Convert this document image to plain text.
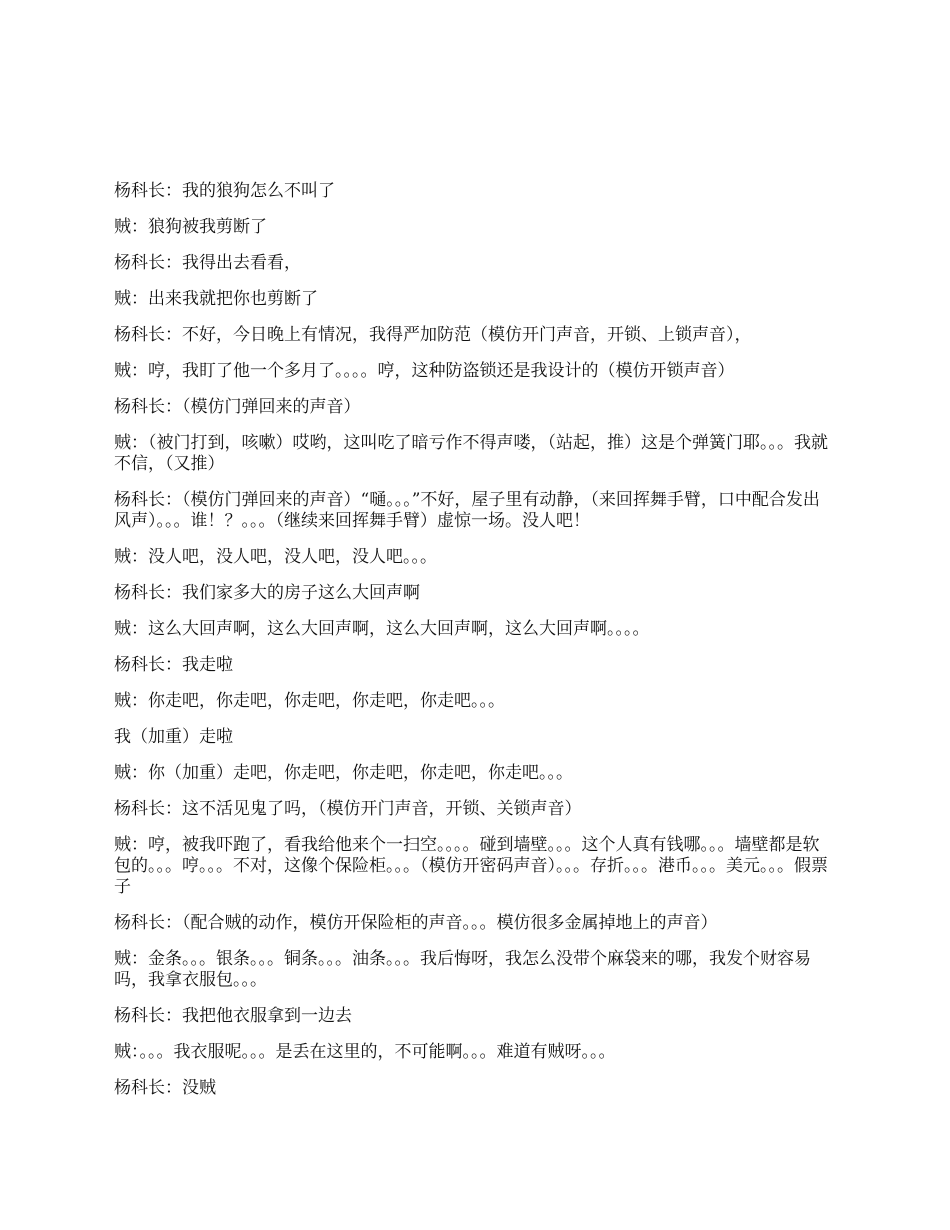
杨科长：我的狼狗怎么不叫了

贼：狼狗被我剪断了

杨科长：我得出去看看，

贼：出来我就把你也剪断了

杨科长：不好，今日晚上有情况，我得严加防范（模仿开门声音，开锁、上锁声音），

贼：哼，我盯了他一个多月了。。。。哼，这种防盗锁还是我设计的（模仿开锁声音）

杨科长：（模仿门弹回来的声音）

贼：（被门打到，咳嗽）哎哟，这叫吃了暗亏作不得声喽，（站起，推）这是个弹簧门耶。。。我就不信，（又推）

杨科长：（模仿门弹回来的声音）“嗵。。。”不好，屋子里有动静，（来回挥舞手臂，口中配合发出风声）。。。谁！？。。。（继续来回挥舞手臂）虚惊一场。没人吧！

贼：没人吧，没人吧，没人吧，没人吧。。。

杨科长：我们家多大的房子这么大回声啊

贼：这么大回声啊，这么大回声啊，这么大回声啊，这么大回声啊。。。。

杨科长：我走啦

贼：你走吧，你走吧，你走吧，你走吧，你走吧。。。

我（加重）走啦

贼：你（加重）走吧，你走吧，你走吧，你走吧，你走吧。。。

杨科长：这不活见鬼了吗，（模仿开门声音，开锁、关锁声音）

贼：哼，被我吓跑了，看我给他来个一扫空。。。。碰到墙壁。。。这个人真有钱哪。。。墙壁都是软包的。。。哼。。。不对，这像个保险柜。。。（模仿开密码声音）。。。存折。。。港币。。。美元。。。假票子

杨科长：（配合贼的动作，模仿开保险柜的声音。。。模仿很多金属掉地上的声音）

贼：金条。。。银条。。。铜条。。。油条。。。我后悔呀，我怎么没带个麻袋来的哪，我发个财容易吗，我拿衣服包。。。

杨科长：我把他衣服拿到一边去

贼：。。。我衣服呢。。。是丢在这里的，不可能啊。。。难道有贼呀。。。

杨科长：没贼
